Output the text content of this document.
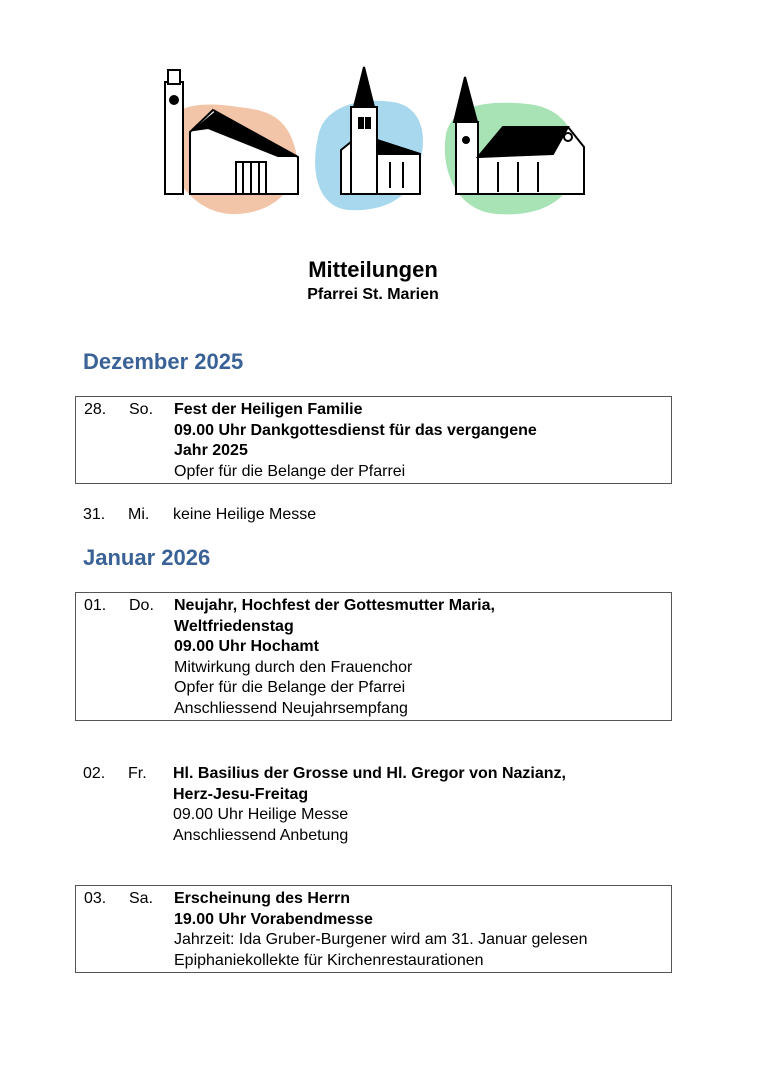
Mitteilungen
Pfarrei St. Marien
Dezember 2025
28. So. Fest der Heiligen Familie
09.00 Uhr Dankgottesdienst für das vergangene
Jahr 2025
Opfer für die Belange der Pfarrei
31. Mi. keine Heilige Messe
Januar 2026
01. Do. Neujahr, Hochfest der Gottesmutter Maria,
Weltfriedenstag
09.00 Uhr Hochamt
Mitwirkung durch den Frauenchor
Opfer für die Belange der Pfarrei
Anschliessend Neujahrsempfang
02. Fr. Hl. Basilius der Grosse und Hl. Gregor von Nazianz,
Herz-Jesu-Freitag
09.00 Uhr Heilige Messe
Anschliessend Anbetung
03. Sa. Erscheinung des Herrn
19.00 Uhr Vorabendmesse
Jahrzeit: Ida Gruber-Burgener wird am 31. Januar gelesen
Epiphaniekollekte für Kirchenrestaurationen
